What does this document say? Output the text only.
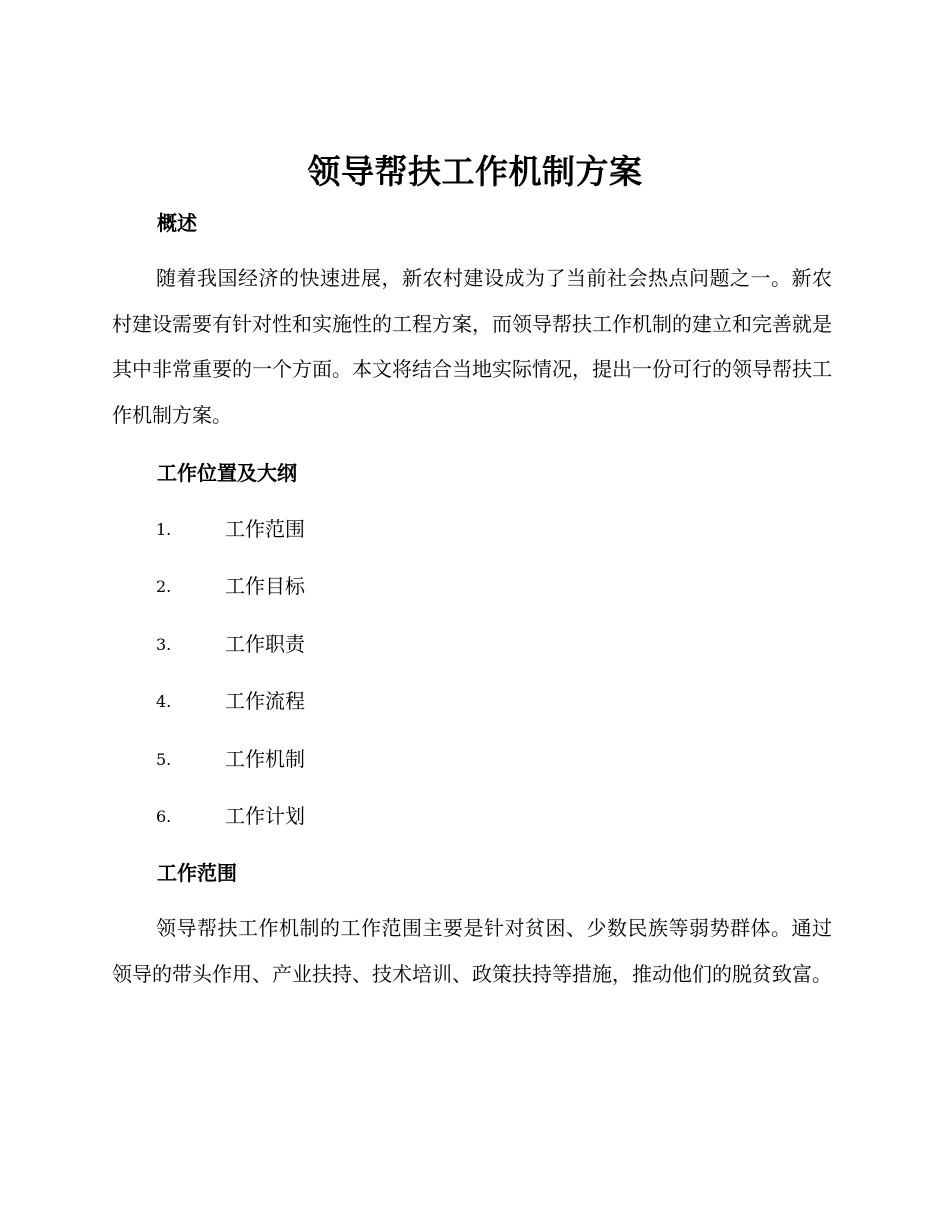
领导帮扶工作机制方案
概述

随着我国经济的快速进展，新农村建设成为了当前社会热点问题之一。新农村建设需要有针对性和实施性的工程方案，而领导帮扶工作机制的建立和完善就是其中非常重要的一个方面。本文将结合当地实际情况，提出一份可行的领导帮扶工作机制方案。

工作位置及大纲
1.	工作范围
2.	工作目标
3.	工作职责
4.	工作流程
5.	工作机制
6.	工作计划
工作范围

领导帮扶工作机制的工作范围主要是针对贫困、少数民族等弱势群体。通过领导的带头作用、产业扶持、技术培训、政策扶持等措施，推动他们的脱贫致富。
